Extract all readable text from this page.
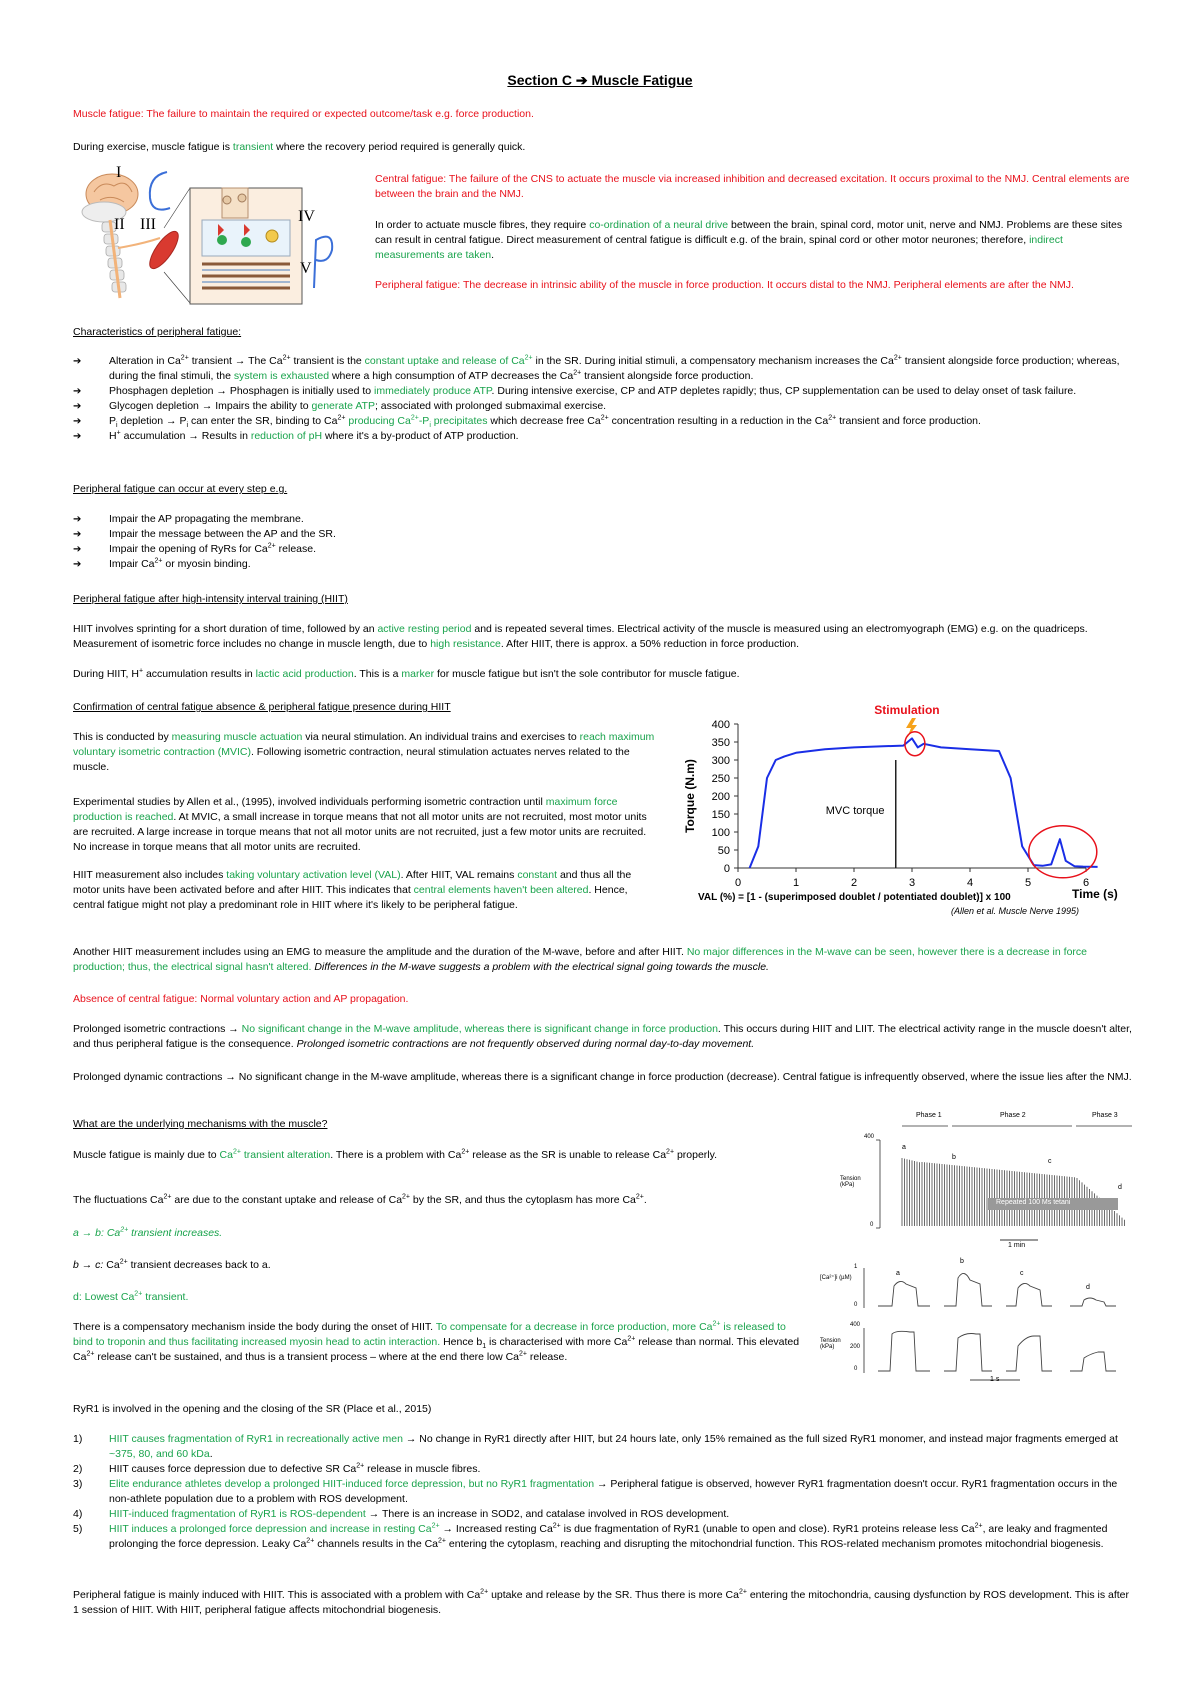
Section C ➔ Muscle Fatigue

Muscle fatigue: The failure to maintain the required or expected outcome/task e.g. force production.

During exercise, muscle fatigue is transient where the recovery period required is generally quick.

I
II III	IV
V

Central fatigue: The failure of the CNS to actuate the muscle via increased inhibition and decreased excitation. It occurs proximal to the NMJ. Central elements are between the brain and the NMJ.

In order to actuate muscle fibres, they require co-ordination of a neural drive between the brain, spinal cord, motor unit, nerve and NMJ. Problems are these sites can result in central fatigue. Direct measurement of central fatigue is difficult e.g. of the brain, spinal cord or other motor neurones; therefore, indirect measurements are taken.

Peripheral fatigue: The decrease in intrinsic ability of the muscle in force production. It occurs distal to the NMJ. Peripheral elements are after the NMJ.

Characteristics of peripheral fatigue:

➔ Alteration in $Ca^{2+}$ transient → The $Ca^{2+}$ transient is the constant uptake and release of $Ca^{2+}$ in the SR. During initial stimuli, a compensatory mechanism increases the $Ca^{2+}$ transient alongside force production; whereas, during the final stimuli, the system is exhausted where a high consumption of ATP decreases the $Ca^{2+}$ transient alongside force production.
➔ Phosphagen depletion → Phosphagen is initially used to immediately produce ATP. During intensive exercise, CP and ATP depletes rapidly; thus, CP supplementation can be used to delay onset of task failure.
➔ Glycogen depletion → Impairs the ability to generate ATP; associated with prolonged submaximal exercise.
➔ $P_i$ depletion → $P_i$ can enter the SR, binding to $Ca^{2+}$ producing $Ca^{2+}-P_i$ precipitates which decrease free $Ca^{2+}$ concentration resulting in a reduction in the $Ca^{2+}$ transient and force production.
➔ H+ accumulation → Results in reduction of pH where it's a by-product of ATP production.

Peripheral fatigue can occur at every step e.g.

➔ Impair the AP propagating the membrane.
➔ Impair the message between the AP and the SR.
➔ Impair the opening of RyRs for $Ca^{2+}$ release.
➔ Impair $Ca^{2+}$ or myosin binding.

Peripheral fatigue after high-intensity interval training (HIIT)

HIIT involves sprinting for a short duration of time, followed by an active resting period and is repeated several times. Electrical activity of the muscle is measured using an electromyograph (EMG) e.g. on the quadriceps. Measurement of isometric force includes no change in muscle length, due to high resistance. After HIIT, there is approx. a 50% reduction in force production.

During HIIT, H+ accumulation results in lactic acid production. This is a marker for muscle fatigue but isn't the sole contributor for muscle fatigue.

Confirmation of central fatigue absence & peripheral fatigue presence during HIIT

This is conducted by measuring muscle actuation via neural stimulation. An individual trains and exercises to reach maximum voluntary isometric contraction (MVIC). Following isometric contraction, neural stimulation actuates nerves related to the muscle.

Experimental studies by Allen et al., (1995), involved individuals performing isometric contraction until maximum force production is reached. At MVIC, a small increase in torque means that not all motor units are not recruited, most motor units are recruited. A large increase in torque means that not all motor units are not recruited, just a few motor units are recruited. No increase in torque means that all motor units are recruited.

HIIT measurement also includes taking voluntary activation level (VAL). After HIIT, VAL remains constant and thus all the motor units have been activated before and after HIIT. This indicates that central elements haven't been altered. Hence, central fatigue might not play a predominant role in HIIT where it's likely to be peripheral fatigue.

400
350
300
250
200
150
100
50
0
0	1	2	3	4	5	6
Torque (N.m)	MVC torque
Stimulation
Time (s)
VAL (%) = [1 - (superimposed doublet / potentiated doublet)] x 100
(Allen et al. Muscle Nerve 1995)

Another HIIT measurement includes using an EMG to measure the amplitude and the duration of the M-wave, before and after HIIT. No major differences in the M-wave can be seen, however there is a decrease in force production; thus, the electrical signal hasn't altered. Differences in the M-wave suggests a problem with the electrical signal going towards the muscle.

Absence of central fatigue: Normal voluntary action and AP propagation.

Prolonged isometric contractions → No significant change in the M-wave amplitude, whereas there is significant change in force production. This occurs during HIIT and LIIT. The electrical activity range in the muscle doesn't alter, and thus peripheral fatigue is the consequence. Prolonged isometric contractions are not frequently observed during normal day-to-day movement.

Prolonged dynamic contractions → No significant change in the M-wave amplitude, whereas there is a significant change in force production (decrease). Central fatigue is infrequently observed, where the issue lies after the NMJ.

What are the underlying mechanisms with the muscle?

Muscle fatigue is mainly due to $Ca^{2+}$ transient alteration. There is a problem with $Ca^{2+}$ release as the SR is unable to release $Ca^{2+}$ properly.

The fluctuations $Ca^{2+}$ are due to the constant uptake and release of $Ca^{2+}$ by the SR, and thus the cytoplasm has more $Ca^{2+}$.

a → b: $Ca^{2+}$ transient increases.

b → c: $Ca^{2+}$ transient decreases back to a.

d: Lowest $Ca^{2+}$ transient.

There is a compensatory mechanism inside the body during the onset of HIIT. To compensate for a decrease in force production, more $Ca^{2+}$ is released to bind to troponin and thus facilitating increased myosin head to actin interaction. Hence $b_1$ is characterised with more $Ca^{2+}$ release than normal. This elevated $Ca^{2+}$ release can't be sustained, and thus is a transient process – where at the end there low $Ca^{2+}$ release.

Phase 1	Phase 2	Phase 3
400
0
Tension (kPa)
Repeated 100 Ms tetani
1 min
a
b
c
d
[Ca²⁺]i (µM)
1
0
a
b
c
d
400
200
0
Tension (kPa)
1 s

RyR1 is involved in the opening and the closing of the SR (Place et al., 2015)

1)	HIIT causes fragmentation of RyR1 in recreationally active men → No change in RyR1 directly after HIIT, but 24 hours late, only 15% remained as the full sized RyR1 monomer, and instead major fragments emerged at ~375, 80, and 60 kDa.
2)	HIIT causes force depression due to defective SR $Ca^{2+}$ release in muscle fibres.
3)	Elite endurance athletes develop a prolonged HIIT-induced force depression, but no RyR1 fragmentation → Peripheral fatigue is observed, however RyR1 fragmentation doesn't occur. RyR1 fragmentation occurs in the non-athlete population due to a problem with ROS development.
4)	HIIT-induced fragmentation of RyR1 is ROS-dependent → There is an increase in SOD2, and catalase involved in ROS development.
5)	HIIT induces a prolonged force depression and increase in resting $Ca^{2+}$ → Increased resting $Ca^{2+}$ is due fragmentation of RyR1 (unable to open and close). RyR1 proteins release less $Ca^{2+}$, are leaky and fragmented prolonging the force depression. Leaky $Ca^{2+}$ channels results in the $Ca^{2+}$ entering the cytoplasm, reaching and disrupting the mitochondrial function. This ROS-related mechanism promotes mitochondrial biogenesis.

Peripheral fatigue is mainly induced with HIIT. This is associated with a problem with $Ca^{2+}$ uptake and release by the SR. Thus there is more $Ca^{2+}$ entering the mitochondria, causing dysfunction by ROS development. This is after 1 session of HIIT. With HIIT, peripheral fatigue affects mitochondrial biogenesis.
